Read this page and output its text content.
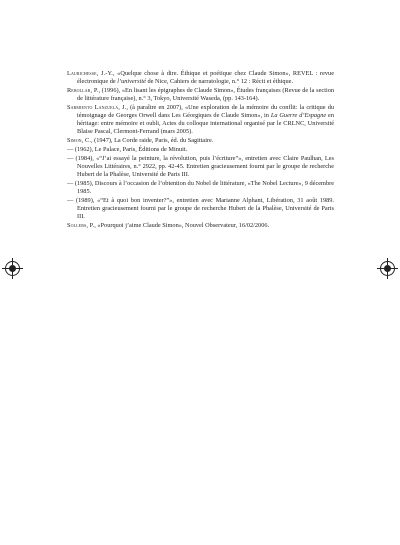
Laurichesse, J.-Y., «Quelque chose à dire. Éthique et poétique chez Claude Simon», REVEL : revue électronique de l’université de Nice, Cahiers de narratologie, n.° 12 : Récit et éthique.

Rebollar, P., (1996), «En lisant les épigraphes de Claude Simon», Études françaises (Revue de la section de littérature française), n.° 3, Tokyo, Université Waseda, (pp. 143-164).

Sarmiento Lanzuela, J., (à paraître en 2007), «Une exploration de la mémoire du conflit: la critique du témoignage de Georges Orwell dans Les Géorgiques de Claude Simon», in La Guerre d’Espagne en héritage: entre mémoire et oubli, Actes du colloque international organisé par le CRLNC, Université Blaise Pascal, Clermont-Ferrand (mars 2005).

Simon, C., (1947), La Corde raide, Paris, éd. du Sagittaire.

— (1962), Le Palace, Paris, Éditions de Minuit.

— (1984), «“J’ai essayé la peinture, la révolution, puis l’écriture”», entretien avec Claire Paulhan, Les Nouvelles Littéraires, n.° 2922, pp. 42-45. Entretien gracieusement fourni par le groupe de recherche Hubert de la Phalèse, Université de Paris III.

— (1985), Discours à l’occasion de l’obtention du Nobel de littérature, «The Nobel Lecture», 9 décembre 1985.

— (1989), «“Et à quoi bon inventer?”», entretien avec Marianne Alphant, Libération, 31 août 1989. Entretien gracieusement fourni par le groupe de recherche Hubert de la Phalèse, Université de Paris III.

Sollers, P., «Pourquoi j’aime Claude Simon», Nouvel Observateur, 16/02/2006.
